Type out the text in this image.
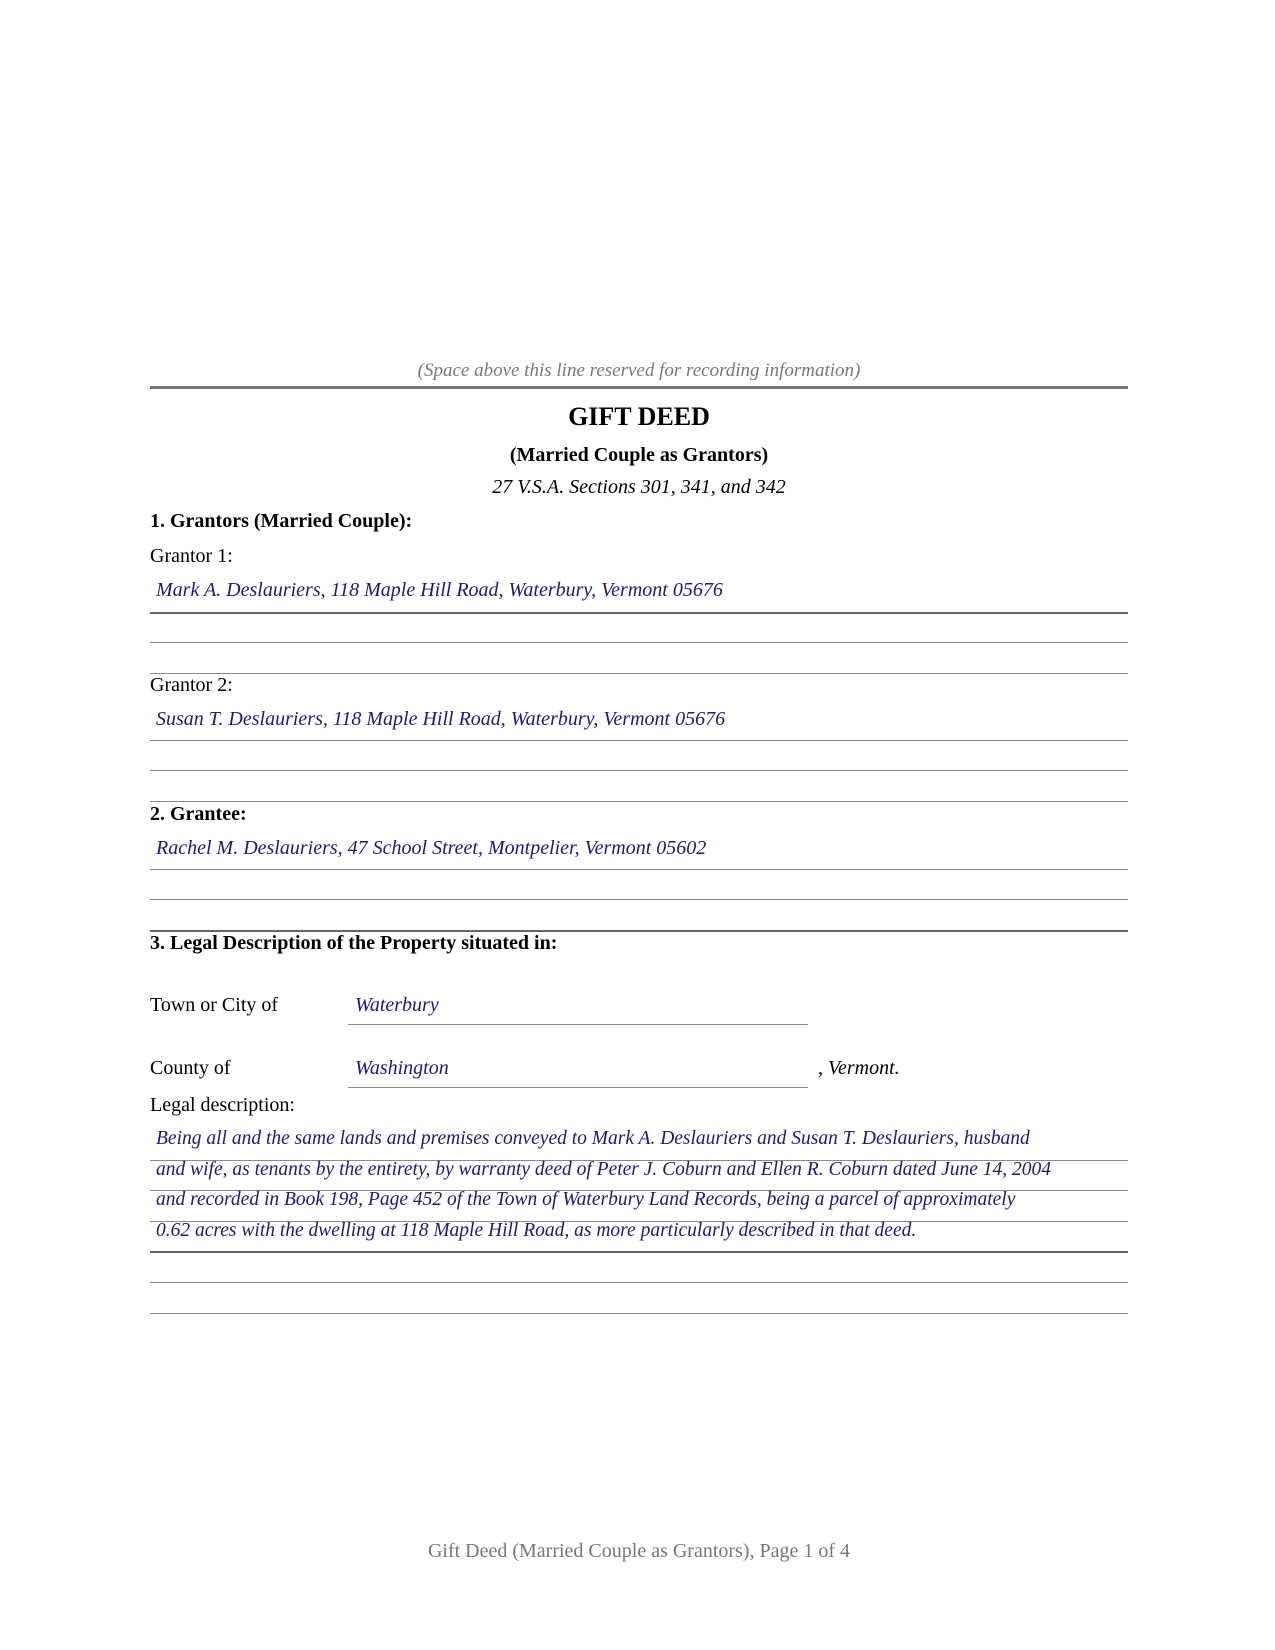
(Space above this line reserved for recording information)
GIFT DEED
(Married Couple as Grantors)
27 V.S.A. Sections 301, 341, and 342
1. Grantors (Married Couple):
Grantor 1:
Mark A. Deslauriers, 118 Maple Hill Road, Waterbury, Vermont 05676
Grantor 2:
Susan T. Deslauriers, 118 Maple Hill Road, Waterbury, Vermont 05676
2. Grantee:
Rachel M. Deslauriers, 47 School Street, Montpelier, Vermont 05602
3. Legal Description of the Property situated in:
Town or City of	Waterbury
County of	Washington	, Vermont.
Legal description:
Being all and the same lands and premises conveyed to Mark A. Deslauriers and Susan T. Deslauriers, husband
and wife, as tenants by the entirety, by warranty deed of Peter J. Coburn and Ellen R. Coburn dated June 14, 2004
and recorded in Book 198, Page 452 of the Town of Waterbury Land Records, being a parcel of approximately
0.62 acres with the dwelling at 118 Maple Hill Road, as more particularly described in that deed.
Gift Deed (Married Couple as Grantors), Page 1 of 4
